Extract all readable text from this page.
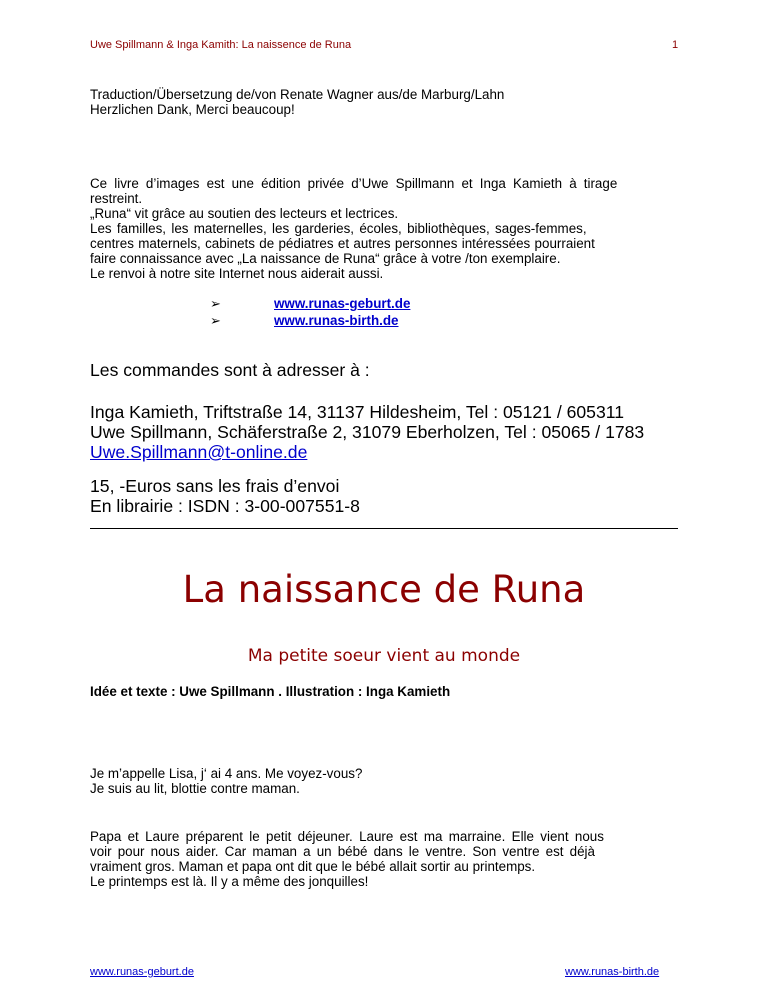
Uwe Spillmann & Inga Kamith: La naissence de Runa	1
Traduction/Übersetzung de/von Renate Wagner aus/de Marburg/Lahn
Herzlichen Dank, Merci beaucoup!
Ce livre d’images est une édition privée d’Uwe Spillmann et Inga Kamieth à tirage
restreint.
„Runa“ vit grâce au soutien des lecteurs et lectrices.
Les familles, les maternelles, les garderies, écoles, bibliothèques, sages-femmes,
centres maternels, cabinets de pédiatres et autres personnes intéressées pourraient
faire connaissance avec „La naissance de Runa“ grâce à votre /ton exemplaire.
Le renvoi à notre site Internet nous aiderait aussi.
➢	www.runas-geburt.de
➢	www.runas-birth.de
Les commandes sont à adresser à :
Inga Kamieth, Triftstraße 14, 31137 Hildesheim, Tel : 05121 / 605311
Uwe Spillmann, Schäferstraße 2, 31079 Eberholzen, Tel : 05065 / 1783
Uwe.Spillmann@t-online.de
15, -Euros sans les frais d’envoi
En librairie : ISDN : 3-00-007551-8
La naissance de Runa
Ma petite soeur vient au monde
Idée et texte : Uwe Spillmann . Illustration : Inga Kamieth
Je m’appelle Lisa, j‘ ai 4 ans. Me voyez-vous?
Je suis au lit, blottie contre maman.
Papa et Laure préparent le petit déjeuner. Laure est ma marraine. Elle vient nous
voir pour nous aider. Car maman a un bébé dans le ventre. Son ventre est déjà
vraiment gros. Maman et papa ont dit que le bébé allait sortir au printemps.
Le printemps est là. Il y a même des jonquilles!
www.runas-geburt.de	www.runas-birth.de
